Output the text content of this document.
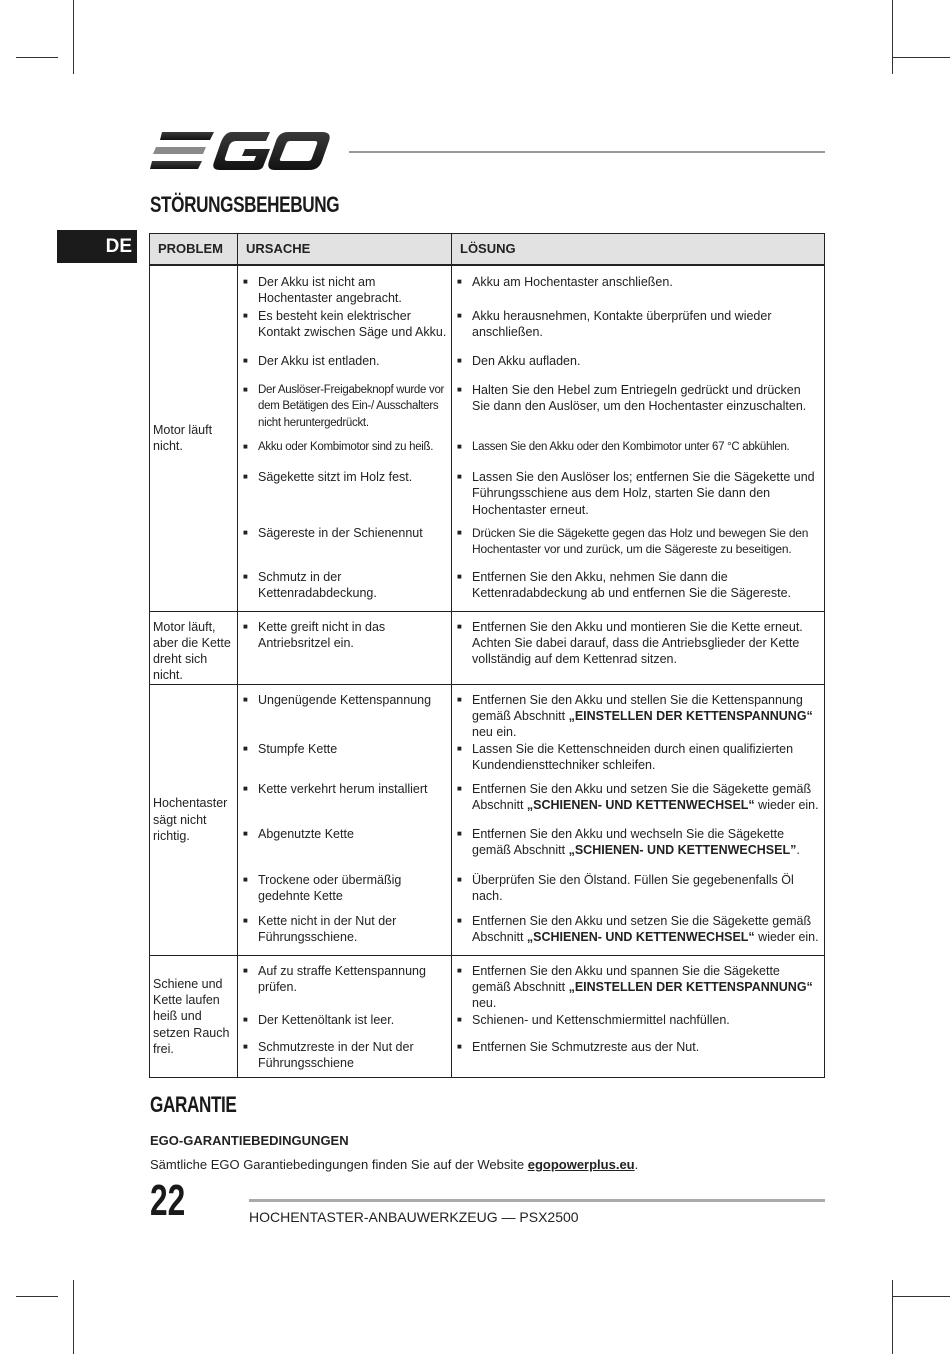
STÖRUNGSBEHEBUNG
DE	PROBLEM	URSACHE	LÖSUNG
Motor läuft nicht.	■ Der Akku ist nicht am Hochentaster angebracht.	■ Akku am Hochentaster anschließen.

	■ Es besteht kein elektrischer Kontakt zwischen Säge und Akku.	■ Akku herausnehmen, Kontakte überprüfen und wieder anschließen.

	■ Der Akku ist entladen.	■ Den Akku aufladen.

	■ Der Auslöser-Freigabeknopf wurde vor dem Betätigen des Ein-/ Ausschalters nicht heruntergedrückt.	■ Halten Sie den Hebel zum Entriegeln gedrückt und drücken Sie dann den Auslöser, um den Hochentaster einzuschalten.

	■ Akku oder Kombimotor sind zu heiß.	■ Lassen Sie den Akku oder den Kombimotor unter 67 °C abkühlen.

	■ Sägekette sitzt im Holz fest.	■ Lassen Sie den Auslöser los; entfernen Sie die Sägekette und Führungsschiene aus dem Holz, starten Sie dann den Hochentaster erneut.

	■ Sägereste in der Schienennut	■ Drücken Sie die Sägekette gegen das Holz und bewegen Sie den Hochentaster vor und zurück, um die Sägereste zu beseitigen.

	■ Schmutz in der Kettenradabdeckung.	■ Entfernen Sie den Akku, nehmen Sie dann die Kettenradabdeckung ab und entfernen Sie die Sägereste.

Motor läuft, aber die Kette dreht sich nicht.	■ Kette greift nicht in das Antriebsritzel ein.	■ Entfernen Sie den Akku und montieren Sie die Kette erneut. Achten Sie dabei darauf, dass die Antriebsglieder der Kette vollständig auf dem Kettenrad sitzen.

Hochentaster sägt nicht richtig.	■ Ungenügende Kettenspannung	■ Entfernen Sie den Akku und stellen Sie die Kettenspannung gemäß Abschnitt „EINSTELLEN DER KETTENSPANNUNG“ neu ein.

	■ Stumpfe Kette	■ Lassen Sie die Kettenschneiden durch einen qualifizierten Kundendiensttechniker schleifen.

	■ Kette verkehrt herum installiert	■ Entfernen Sie den Akku und setzen Sie die Sägekette gemäß Abschnitt „SCHIENEN- UND KETTENWECHSEL“ wieder ein.

	■ Abgenutzte Kette	■ Entfernen Sie den Akku und wechseln Sie die Sägekette gemäß Abschnitt „SCHIENEN- UND KETTENWECHSEL”.

	■ Trockene oder übermäßig gedehnte Kette	■ Überprüfen Sie den Ölstand. Füllen Sie gegebenenfalls Öl nach.

	■ Kette nicht in der Nut der Führungsschiene.	■ Entfernen Sie den Akku und setzen Sie die Sägekette gemäß Abschnitt „SCHIENEN- UND KETTENWECHSEL“ wieder ein.

Schiene und Kette laufen heiß und setzen Rauch frei.	■ Auf zu straffe Kettenspannung prüfen.	■ Entfernen Sie den Akku und spannen Sie die Sägekette gemäß Abschnitt „EINSTELLEN DER KETTENSPANNUNG“ neu.

	■ Der Kettenöltank ist leer.	■ Schienen- und Kettenschmiermittel nachfüllen.

	■ Schmutzreste in der Nut der Führungsschiene	■ Entfernen Sie Schmutzreste aus der Nut.
GARANTIE
EGO-GARANTIEBEDINGUNGEN
Sämtliche EGO Garantiebedingungen finden Sie auf der Website egopowerplus.eu.
22	HOCHENTASTER-ANBAUWERKZEUG — PSX2500
